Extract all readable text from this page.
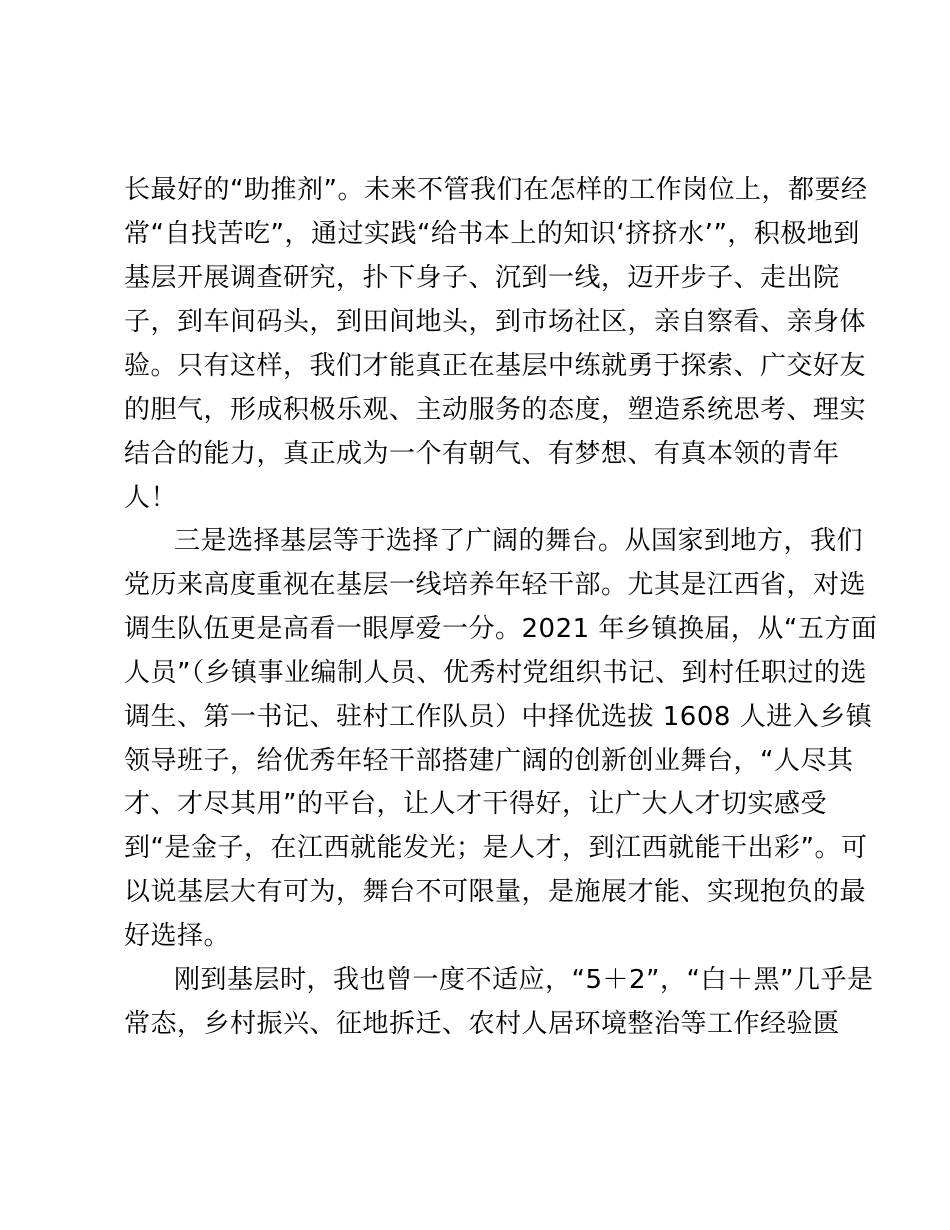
长最好的“助推剂”。未来不管我们在怎样的工作岗位上，都要经
常“自找苦吃”，通过实践“给书本上的知识‘挤挤水’”，积极地到
基层开展调查研究，扑下身子、沉到一线，迈开步子、走出院
子，到车间码头，到田间地头，到市场社区，亲自察看、亲身体
验。只有这样，我们才能真正在基层中练就勇于探索、广交好友
的胆气，形成积极乐观、主动服务的态度，塑造系统思考、理实
结合的能力，真正成为一个有朝气、有梦想、有真本领的青年
人！
三是选择基层等于选择了广阔的舞台。从国家到地方，我们
党历来高度重视在基层一线培养年轻干部。尤其是江西省，对选
调生队伍更是高看一眼厚爱一分。2021 年乡镇换届，从“五方面
人员”（乡镇事业编制人员、优秀村党组织书记、到村任职过的选
调生、第一书记、驻村工作队员）中择优选拔 1608 人进入乡镇
领导班子，给优秀年轻干部搭建广阔的创新创业舞台，“人尽其
才、才尽其用”的平台，让人才干得好，让广大人才切实感受
到“是金子，在江西就能发光；是人才，到江西就能干出彩”。可
以说基层大有可为，舞台不可限量，是施展才能、实现抱负的最
好选择。
刚到基层时，我也曾一度不适应，“5＋2”，“白＋黑”几乎是
常态，乡村振兴、征地拆迁、农村人居环境整治等工作经验匮
